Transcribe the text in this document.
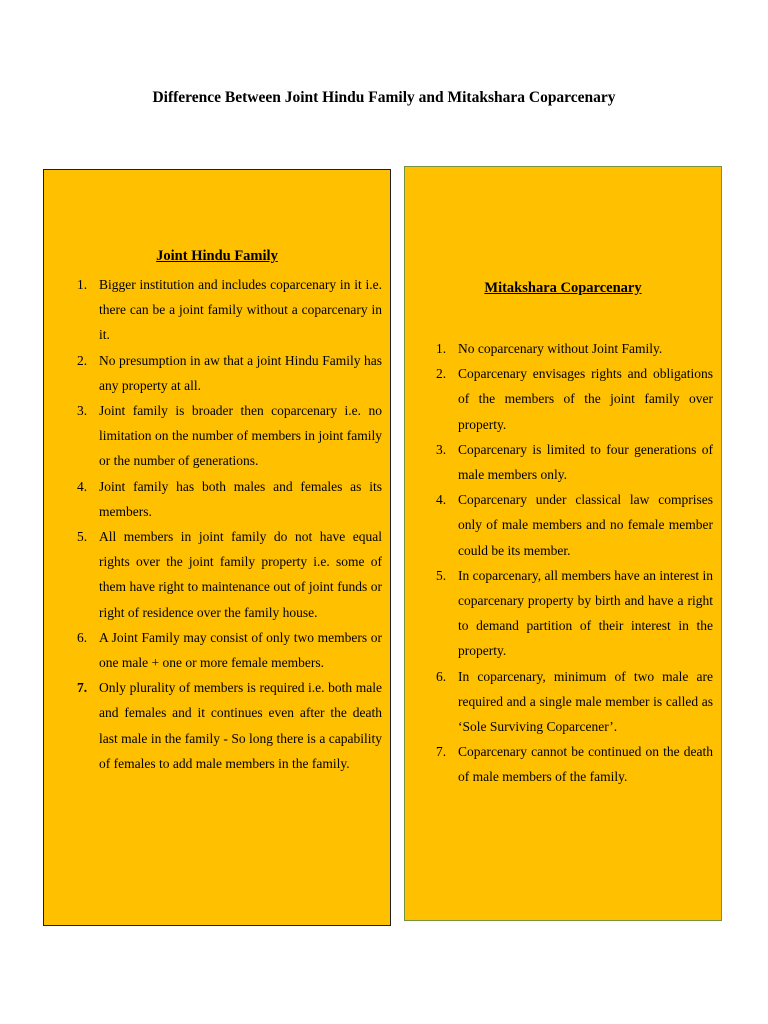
Difference Between Joint Hindu Family and Mitakshara Coparcenary
Joint Hindu Family
1. Bigger institution and includes coparcenary in it i.e. there can be a joint family without a coparcenary in it.
2. No presumption in aw that a joint Hindu Family has any property at all.
3. Joint family is broader then coparcenary i.e. no limitation on the number of members in joint family or the number of generations.
4. Joint family has both males and females as its members.
5. All members in joint family do not have equal rights over the joint family property i.e. some of them have right to maintenance out of joint funds or right of residence over the family house.
6. A Joint Family may consist of only two members or one male + one or more female members.
7. Only plurality of members is required i.e. both male and females and it continues even after the death last male in the family - So long there is a capability of females to add male members in the family.
Mitakshara Coparcenary
1. No coparcenary without Joint Family.
2. Coparcenary envisages rights and obligations of the members of the joint family over property.
3. Coparcenary is limited to four generations of male members only.
4. Coparcenary under classical law comprises only of male members and no female member could be its member.
5. In coparcenary, all members have an interest in coparcenary property by birth and have a right to demand partition of their interest in the property.
6. In coparcenary, minimum of two male are required and a single male member is called as ‘Sole Surviving Coparcener’.
7. Coparcenary cannot be continued on the death of male members of the family.
